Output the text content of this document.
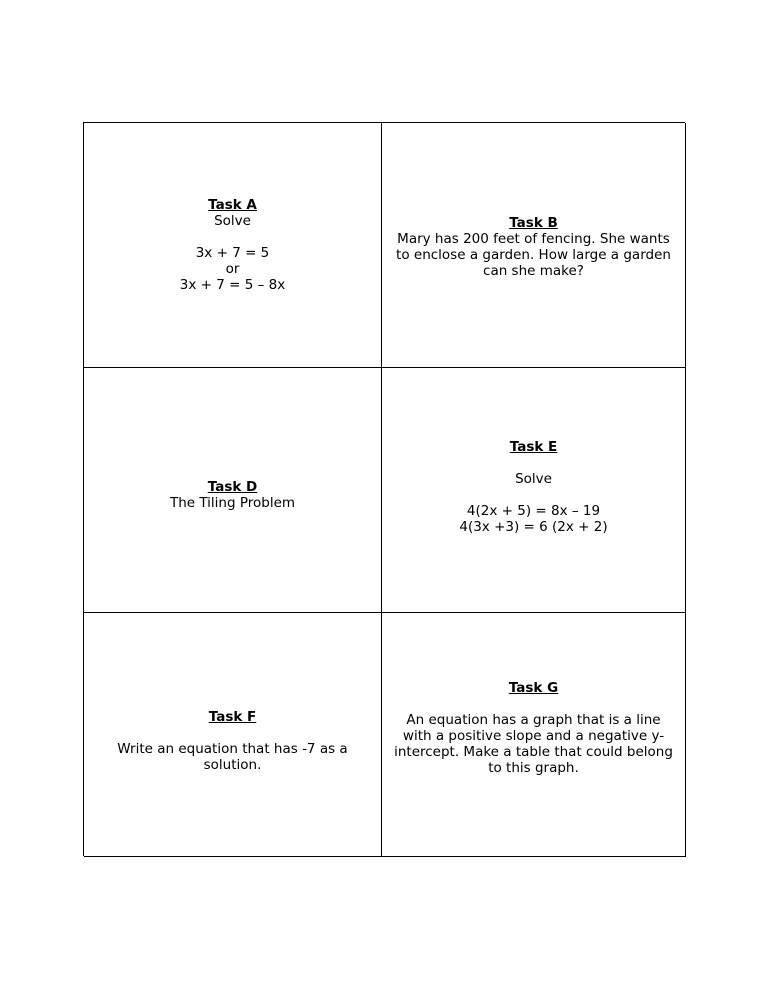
Task A
Solve
3x + 7 = 5
or
3x + 7 = 5 – 8x
Task B
Mary has 200 feet of fencing. She wants to enclose a garden. How large a garden can she make?
Task D
The Tiling Problem
Task E
Solve
4(2x + 5) = 8x – 19
4(3x +3) = 6 (2x + 2)
Task F
Write an equation that has -7 as a solution.
Task G
An equation has a graph that is a line with a positive slope and a negative y-intercept. Make a table that could belong to this graph.
